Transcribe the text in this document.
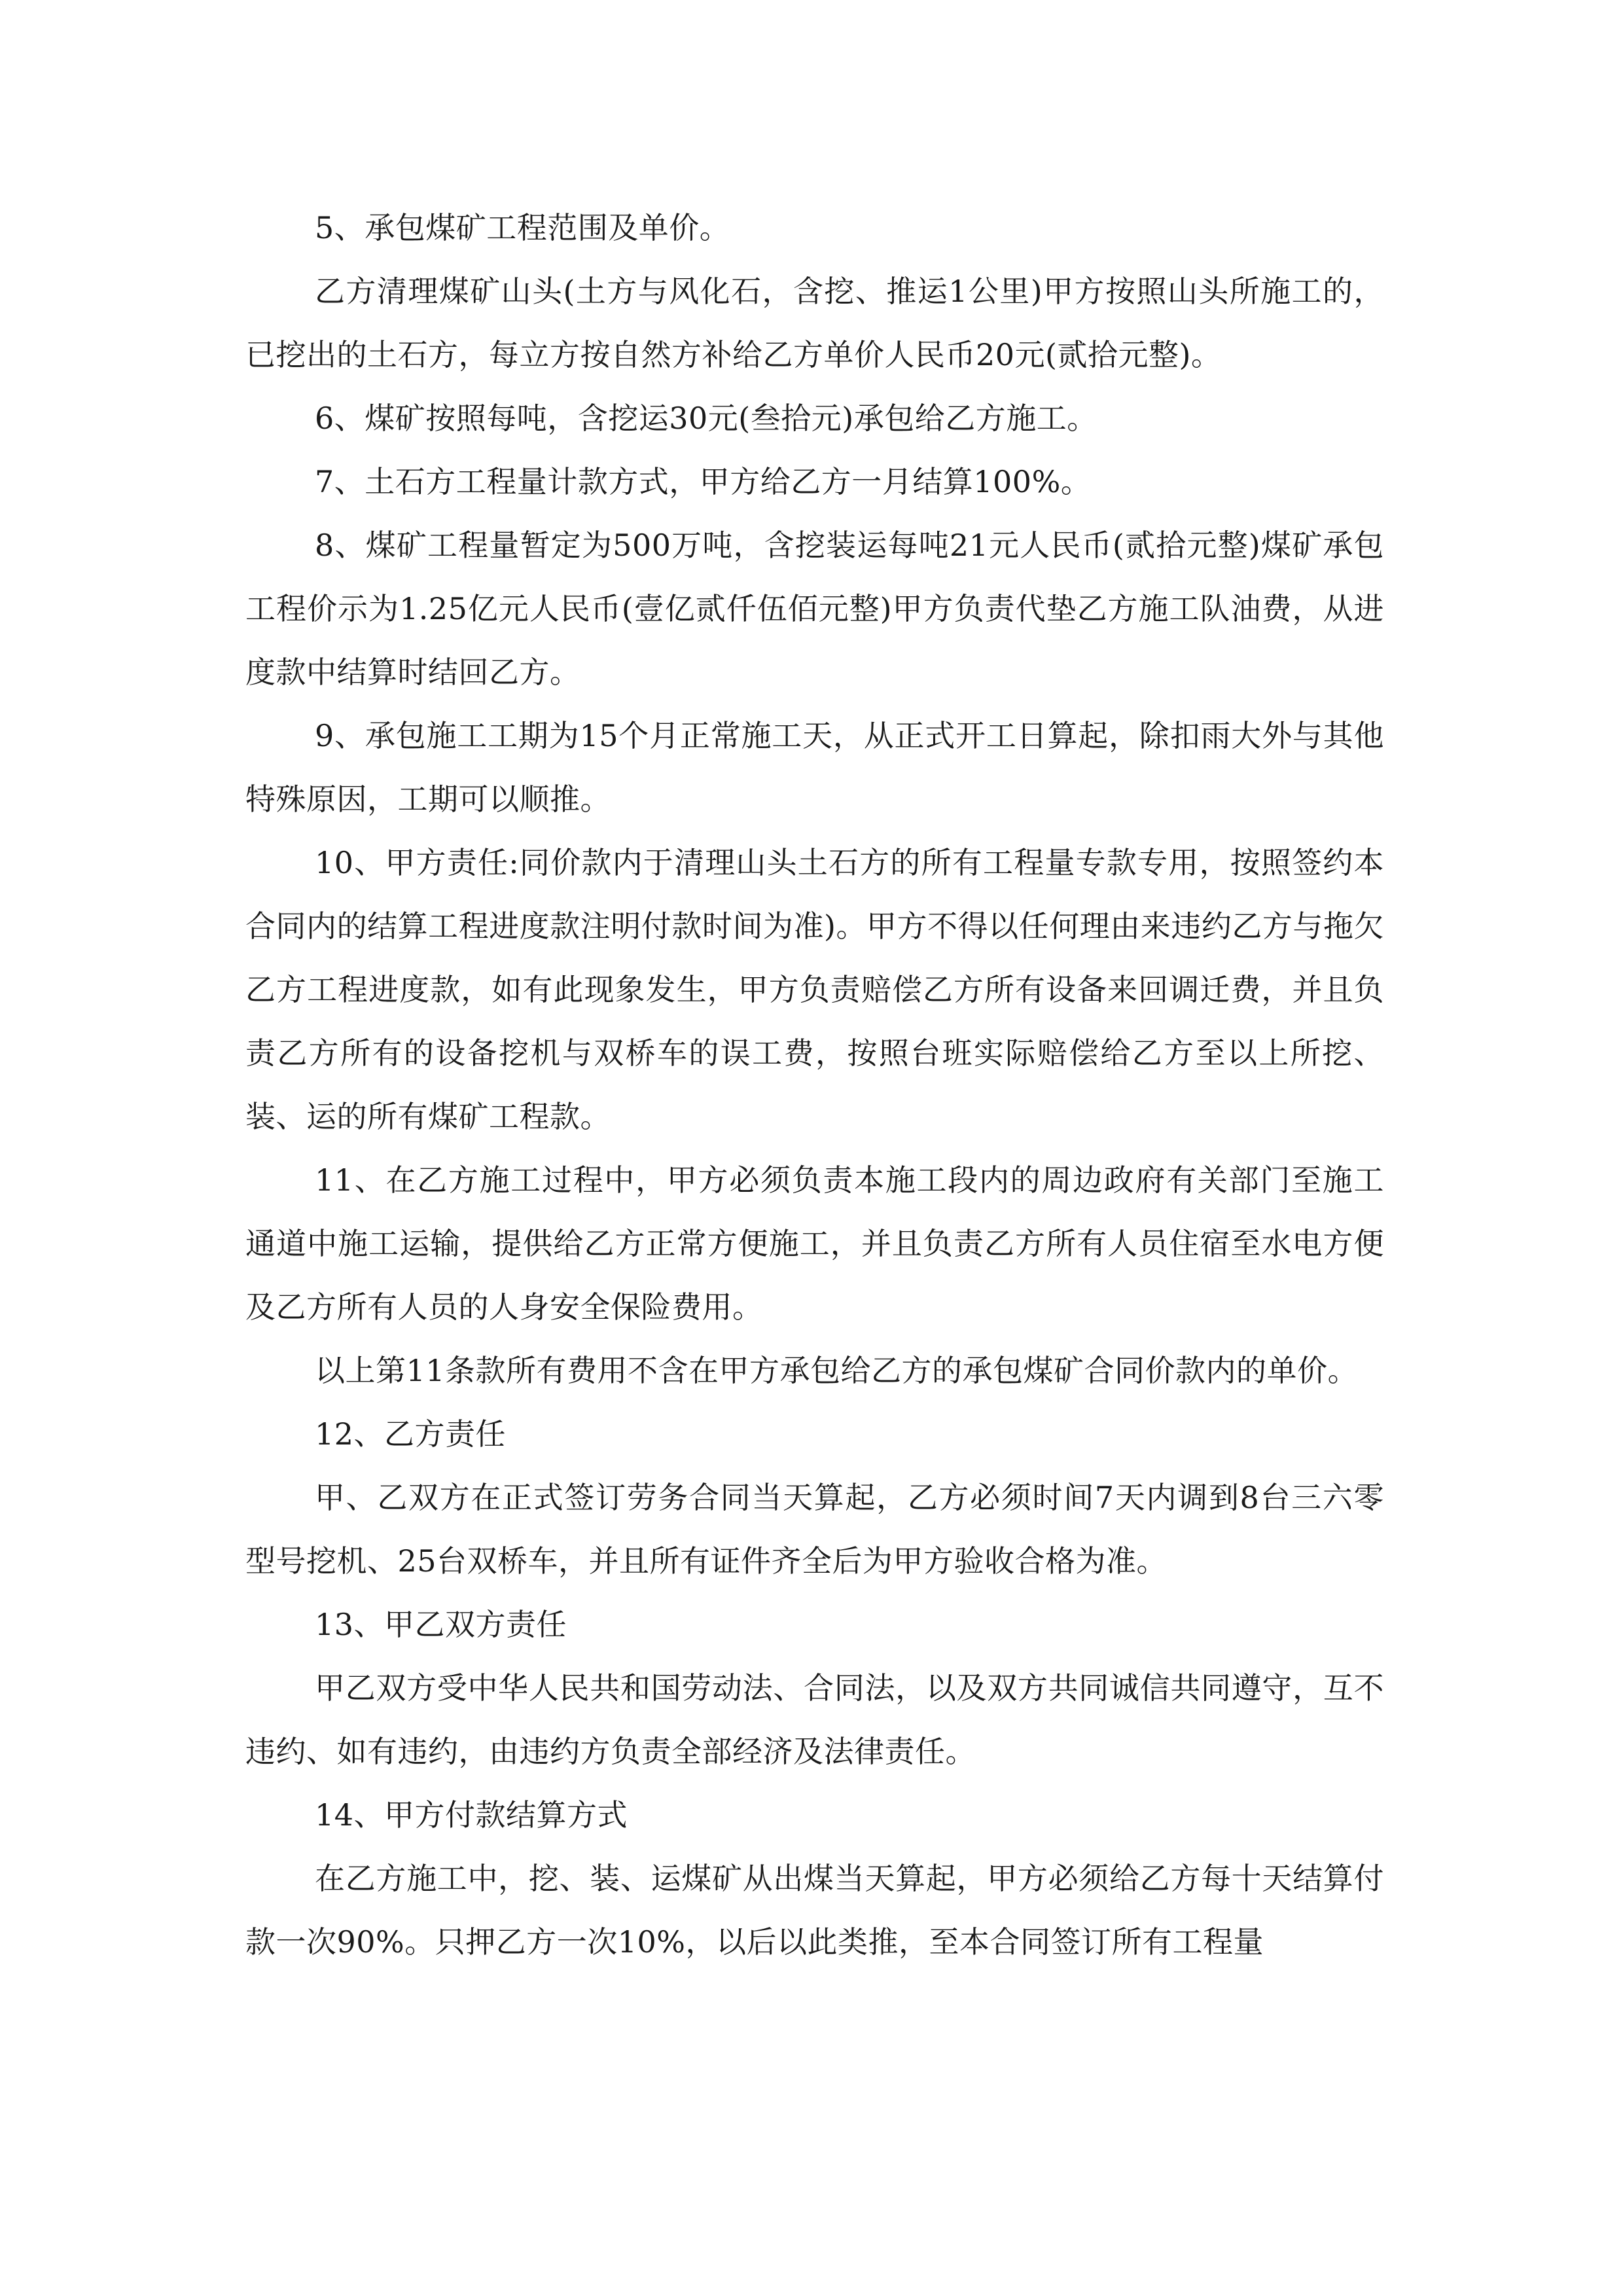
5、承包煤矿工程范围及单价。

乙方清理煤矿山头(土方与风化石，含挖、推运1公里)甲方按照山头所施工的，已挖出的土石方，每立方按自然方补给乙方单价人民币20元(贰拾元整)。

6、煤矿按照每吨，含挖运30元(叁拾元)承包给乙方施工。

7、土石方工程量计款方式，甲方给乙方一月结算100%。

8、煤矿工程量暂定为500万吨，含挖装运每吨21元人民币(贰拾元整)煤矿承包工程价示为1.25亿元人民币(壹亿贰仟伍佰元整)甲方负责代垫乙方施工队油费，从进度款中结算时结回乙方。

9、承包施工工期为15个月正常施工天，从正式开工日算起，除扣雨大外与其他特殊原因，工期可以顺推。

10、甲方责任:同价款内于清理山头土石方的所有工程量专款专用，按照签约本合同内的结算工程进度款注明付款时间为准)。甲方不得以任何理由来违约乙方与拖欠乙方工程进度款，如有此现象发生，甲方负责赔偿乙方所有设备来回调迁费，并且负责乙方所有的设备挖机与双桥车的误工费，按照台班实际赔偿给乙方至以上所挖、装、运的所有煤矿工程款。

11、在乙方施工过程中，甲方必须负责本施工段内的周边政府有关部门至施工通道中施工运输，提供给乙方正常方便施工，并且负责乙方所有人员住宿至水电方便及乙方所有人员的人身安全保险费用。

以上第11条款所有费用不含在甲方承包给乙方的承包煤矿合同价款内的单价。

12、乙方责任

甲、乙双方在正式签订劳务合同当天算起，乙方必须时间7天内调到8台三六零型号挖机、25台双桥车，并且所有证件齐全后为甲方验收合格为准。

13、甲乙双方责任

甲乙双方受中华人民共和国劳动法、合同法，以及双方共同诚信共同遵守，互不违约、如有违约，由违约方负责全部经济及法律责任。

14、甲方付款结算方式

在乙方施工中，挖、装、运煤矿从出煤当天算起，甲方必须给乙方每十天结算付款一次90%。只押乙方一次10%，以后以此类推，至本合同签订所有工程量
